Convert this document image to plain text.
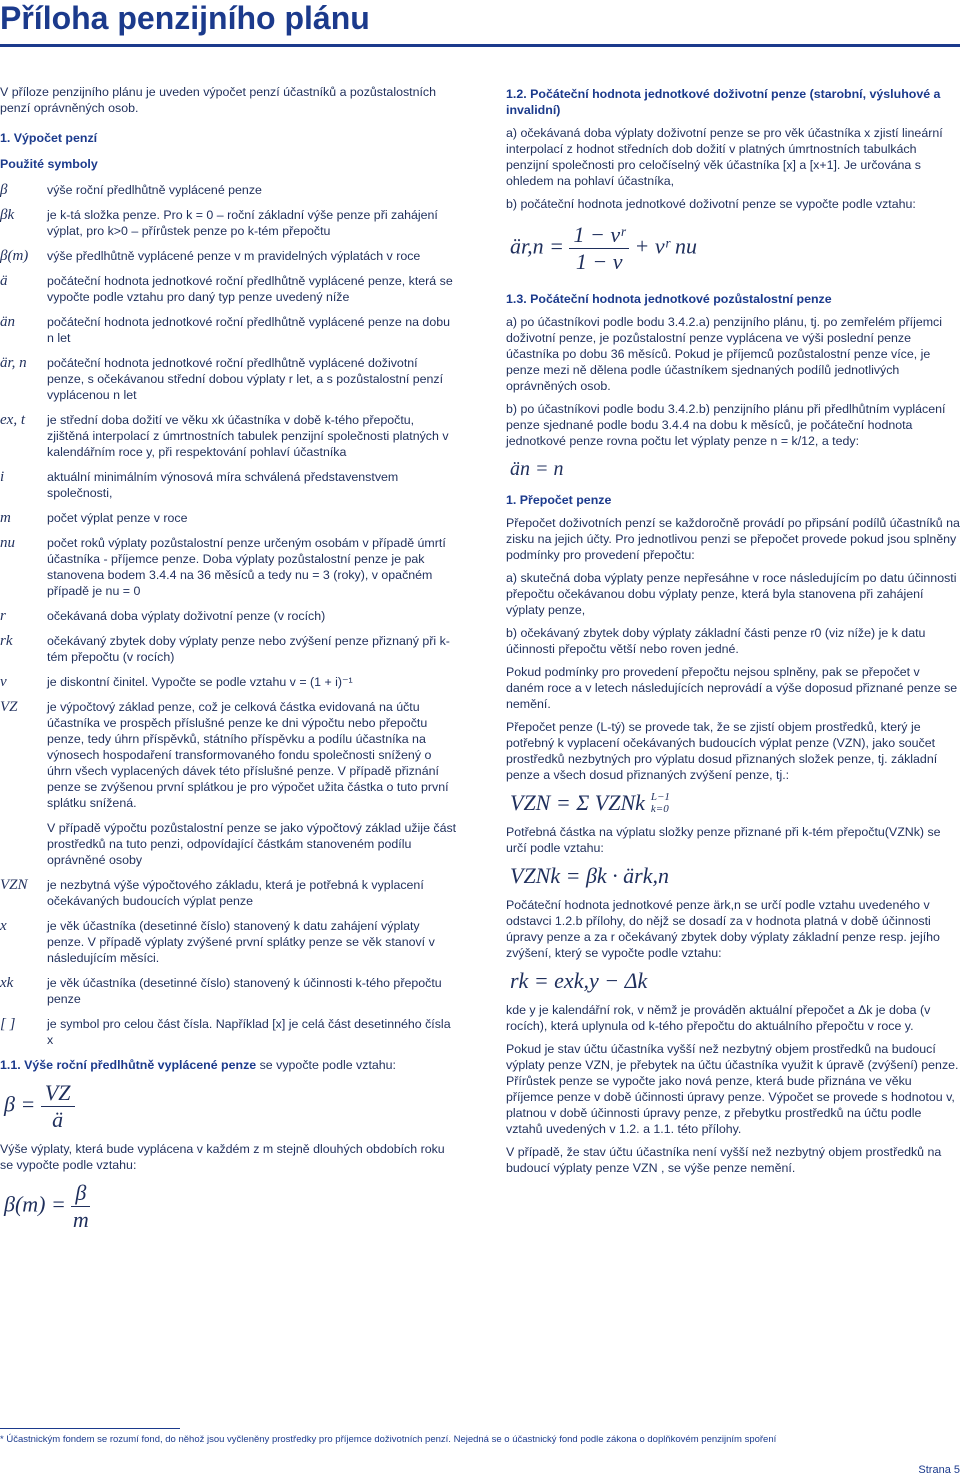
Příloha penzijního plánu

V příloze penzijního plánu je uveden výpočet penzí účastníků a pozůstalostních penzí oprávněných osob.

1. Výpočet penzí

Použité symboly

β	výše roční předlhůtně vyplácené penze
βk	je k-tá složka penze. Pro k = 0 – roční základní výše penze při zahájení výplat, pro k>0 – přírůstek penze po k-tém přepočtu
β(m)	výše předlhůtně vyplácené penze v m pravidelných výplatách v roce
ä	počáteční hodnota jednotkové roční předlhůtně vyplácené penze, která se vypočte podle vztahu pro daný typ penze uvedený níže
än	počáteční hodnota jednotkové roční předlhůtně vyplácené penze na dobu n let
är, n	počáteční hodnota jednotkové roční předlhůtně vyplácené doživotní penze, s očekávanou střední dobou výplaty r let, a s pozůstalostní penzí vyplácenou n let
ex, t	je střední doba dožití ve věku xk účastníka v době k-tého přepočtu, zjištěná interpolací z úmrtnostních tabulek penzijní společnosti platných v kalendářním roce y, při respektování pohlaví účastníka
i	aktuální minimálním výnosová míra schválená představenstvem společnosti,
m	počet výplat penze v roce
nu	počet roků výplaty pozůstalostní penze určeným osobám v případě úmrtí účastníka - příjemce penze. Doba výplaty pozůstalostní penze je pak stanovena bodem 3.4.4 na 36 měsíců a tedy nu = 3 (roky), v opačném případě je nu = 0
r	očekávaná doba výplaty doživotní penze (v rocích)
rk	očekávaný zbytek doby výplaty penze nebo zvýšení penze přiznaný při k-tém přepočtu (v rocích)
v	je diskontní činitel. Vypočte se podle vztahu v = (1 + i)⁻¹
VZ	je výpočtový základ penze, což je celková částka evidovaná na účtu účastníka ve prospěch příslušné penze ke dni výpočtu nebo přepočtu penze, tedy úhrn příspěvků, státního příspěvku a podílu účastníka na výnosech hospodaření transformovaného fondu společnosti snížený o úhrn všech vyplacených dávek této příslušné penze. V případě přiznání penze se zvýšenou první splátkou je pro výpočet užita částka o tuto první splátku snížená.
V případě výpočtu pozůstalostní penze se jako výpočtový základ užije část prostředků na tuto penzi, odpovídající částkám stanoveném podílu oprávněné osoby
VZN	je nezbytná výše výpočtového základu, která je potřebná k vyplacení očekávaných budoucích výplat penze
x	je věk účastníka (desetinné číslo) stanovený k datu zahájení výplaty penze. V případě výplaty zvýšené první splátky penze se věk stanoví v následujícím měsíci.
xk	je věk účastníka (desetinné číslo) stanovený k účinnosti k-tého přepočtu penze
[ ]	je symbol pro celou část čísla. Například [x] je celá část desetinného čísla x

1.1. Výše roční předlhůtně vyplácené penze se vypočte podle vztahu:

$\beta = \frac{VZ}{ä}$

Výše výplaty, která bude vyplácena v každém z m stejně dlouhých obdobích roku se vypočte podle vztahu:

$\beta(m) = \frac{\beta}{m}$

1.2. Počáteční hodnota jednotkové doživotní penze (starobní, výsluhové a invalidní)

a) očekávaná doba výplaty doživotní penze se pro věk účastníka x zjistí lineární interpolací z hodnot středních dob dožití v platných úmrtnostních tabulkách penzijní společnosti pro celočíselný věk účastníka [x] a [x+1]. Je určována s ohledem na pohlaví účastníka,

b) počáteční hodnota jednotkové doživotní penze se vypočte podle vztahu:

är,n = $\frac{\text{1 − vʳ}}{1 - v}$ + vʳ nu

1.3. Počáteční hodnota jednotkové pozůstalostní penze

a) po účastníkovi podle bodu 3.4.2.a) penzijního plánu, tj. po zemřelém příjemci doživotní penze, je pozůstalostní penze vyplácena ve výši poslední penze účastníka po dobu 36 měsíců. Pokud je příjemců pozůstalostní penze více, je penze mezi ně dělena podle účastníkem sjednaných podílů jednotlivých oprávněných osob.

b) po účastníkovi podle bodu 3.4.2.b) penzijního plánu při předlhůtním vyplácení penze sjednané podle bodu 3.4.4 na dobu k měsíců, je počáteční hodnota jednotkové penze rovna počtu let výplaty penze n = k/12, a tedy:

än = n

1. Přepočet penze

Přepočet doživotních penzí se každoročně provádí po připsání podílů účastníků na zisku na jejich účty. Pro jednotlivou penzi se přepočet provede pokud jsou splněny podmínky pro provedení přepočtu:

a) skutečná doba výplaty penze nepřesáhne v roce následujícím po datu účinnosti přepočtu očekávanou dobu výplaty penze, která byla stanovena při zahájení výplaty penze,

b) očekávaný zbytek doby výplaty základní části penze r0 (viz níže) je k datu účinnosti přepočtu větší nebo roven jedné.

Pokud podmínky pro provedení přepočtu nejsou splněny, pak se přepočet v daném roce a v letech následujících neprovádí a výše doposud přiznané penze se nemění.

Přepočet penze (L-tý) se provede tak, že se zjistí objem prostředků, který je potřebný k vyplacení očekávaných budoucích výplat penze (VZN), jako součet prostředků nezbytných pro výplatu dosud přiznaných složek penze, tj. základní penze a všech dosud přiznaných zvýšení penze, tj.:

VZN = Σ VZNk L−1
k=0

Potřebná částka na výplatu složky penze přiznané při k-tém přepočtu(VZNk) se určí podle vztahu:

VZNk = βk · ärk,n

Počáteční hodnota jednotkové penze ärk,n se určí podle vztahu uvedeného v odstavci 1.2.b přílohy, do nějž se dosadí za v hodnota platná v době účinnosti úpravy penze a za r očekávaný zbytek doby výplaty základní penze resp. jejího zvýšení, který se vypočte podle vztahu:

rk = exk,y − Δk

kde y je kalendářní rok, v němž je prováděn aktuální přepočet a Δk je doba (v rocích), která uplynula od k-tého přepočtu do aktuálního přepočtu v roce y.

Pokud je stav účtu účastníka vyšší než nezbytný objem prostředků na budoucí výplaty penze VZN, je přebytek na účtu účastníka využit k úpravě (zvýšení) penze. Přírůstek penze se vypočte jako nová penze, která bude přiznána ve věku příjemce penze v době účinnosti úpravy penze. Výpočet se provede s hodnotou v, platnou v době účinnosti úpravy penze, z přebytku prostředků na účtu podle vztahů uvedených v 1.2. a 1.1. této přílohy.

V případě, že stav účtu účastníka není vyšší než nezbytný objem prostředků na budoucí výplaty penze VZN , se výše penze nemění.

* Účastnickým fondem se rozumí fond, do něhož jsou vyčleněny prostředky pro příjemce doživotních penzí. Nejedná se o účastnický fond podle zákona o doplňkovém penzijním spoření
Strana 5
